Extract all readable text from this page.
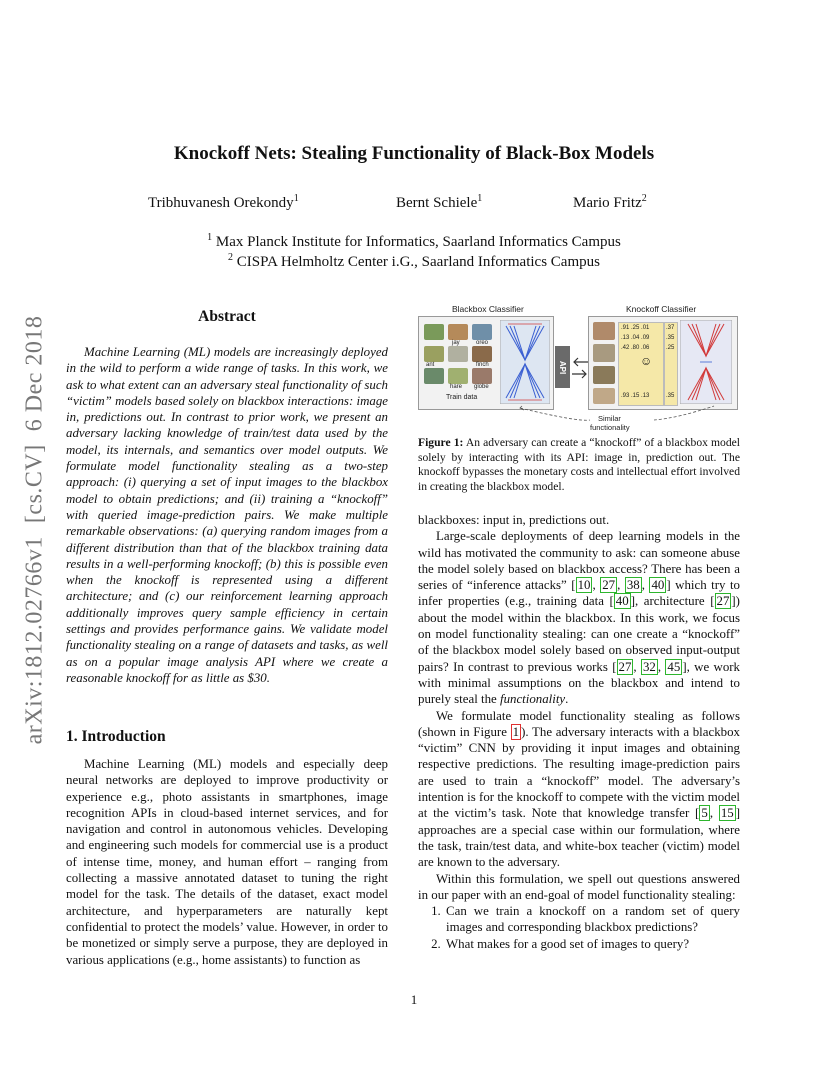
Knockoff Nets: Stealing Functionality of Black-Box Models
Tribhuvanesh Orekondy$^1$	Bernt Schiele$^1$	Mario Fritz$^2$
$^1$ Max Planck Institute for Informatics, Saarland Informatics Campus
$^2$ CISPA Helmholtz Center i.G., Saarland Informatics Campus
arXiv:1812.02766v1  [cs.CV]  6 Dec 2018	Abstract

Machine Learning (ML) models are increasingly deployed in the wild to perform a wide range of tasks. In this work, we ask to what extent can an adversary steal functionality of such “victim” models based solely on blackbox interactions: image in, predictions out. In contrast to prior work, we present an adversary lacking knowledge of train/test data used by the model, its internals, and semantics over model outputs. We formulate model functionality stealing as a two-step approach: (i) querying a set of input images to the blackbox model to obtain predictions; and (ii) training a “knockoff” with queried image-prediction pairs. We make multiple remarkable observations: (a) querying random images from a different distribution than that of the blackbox training data results in a well-performing knockoff; (b) this is possible even when the knockoff is represented using a different architecture; and (c) our reinforcement learning approach additionally improves query sample efficiency in certain settings and provides performance gains. We validate model functionality stealing on a range of datasets and tasks, as well as on a popular image analysis API where we create a reasonable knockoff for as little as $30.

1. Introduction

Machine Learning (ML) models and especially deep neural networks are deployed to improve productivity or experience e.g., photo assistants in smartphones, image recognition APIs in cloud-based internet services, and for navigation and control in autonomous vehicles. Developing and engineering such models for commercial use is a product of intense time, money, and human effort – ranging from collecting a massive annotated dataset to tuning the right model for the task. The details of the dataset, exact model architecture, and hyperparameters are naturally kept confidential to protect the models’ value. However, in order to be monetized or simply serve a purpose, they are deployed in various applications (e.g., home assistants) to function as

Blackbox Classifier	Knockoff Classifier
jay	oreo
ant	finch
hare globe
Train data
API
.91 .25 .01
.13 .04 .09
.42 .80 .06
.93 .15 .13
.37
.35
.25
.35
☺
Similar
functionality
Figure 1: An adversary can create a “knockoff” of a blackbox model solely by interacting with its API: image in, prediction out. The knockoff bypasses the monetary costs and intellectual effort involved in creating the blackbox model.

blackboxes: input in, predictions out.

Large-scale deployments of deep learning models in the wild has motivated the community to ask: can someone abuse the model solely based on blackbox access? There has been a series of “inference attacks” [ 10 , 27 , 38 , 40 ] which try to infer properties (e.g., training data [ 40 ], architecture [ 27 ]) about the model within the blackbox. In this work, we focus on model functionality stealing: can one create a “knockoff” of the blackbox model solely based on observed input-output pairs? In contrast to previous works [ 27 , 32 , 45 ], we work with minimal assumptions on the blackbox and intend to purely steal the functionality.

We formulate model functionality stealing as follows (shown in Figure 1 ). The adversary interacts with a blackbox “victim” CNN by providing it input images and obtaining respective predictions. The resulting image-prediction pairs are used to train a “knockoff” model. The adversary’s intention is for the knockoff to compete with the victim model at the victim’s task. Note that knowledge transfer [ 5 , 15 ] approaches are a special case within our formulation, where the task, train/test data, and white-box teacher (victim) model are known to the adversary.

Within this formulation, we spell out questions answered in our paper with an end-goal of model functionality stealing:

1. Can we train a knockoff on a random set of query images and corresponding blackbox predictions?
2. What makes for a good set of images to query?
1
